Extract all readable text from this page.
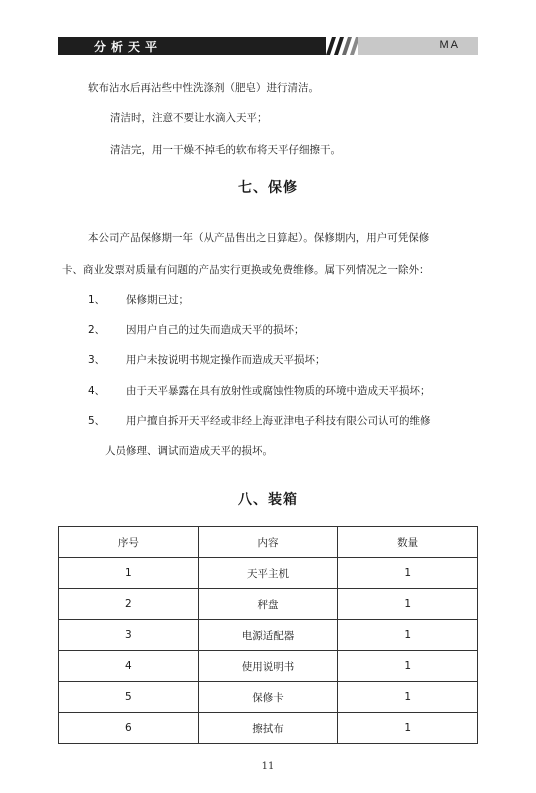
分析天平	MA
软布沾水后再沾些中性洗涤剂（肥皂）进行清洁。
清洁时，注意不要让水滴入天平；
清洁完，用一干燥不掉毛的软布将天平仔细擦干。
七、保修
本公司产品保修期一年（从产品售出之日算起）。保修期内，用户可凭保修
卡、商业发票对质量有问题的产品实行更换或免费维修。属下列情况之一除外：
1、 保修期已过；
2、 因用户自己的过失而造成天平的损坏；
3、 用户未按说明书规定操作而造成天平损坏；
4、 由于天平暴露在具有放射性或腐蚀性物质的环境中造成天平损坏；
5、 用户擅自拆开天平经或非经上海亚津电子科技有限公司认可的维修
人员修理、调试而造成天平的损坏。
八、装箱
序号	内容	数量
1	天平主机	1
2	秤盘	1
3	电源适配器	1
4	使用说明书	1
5	保修卡	1
6	擦拭布	1
11
